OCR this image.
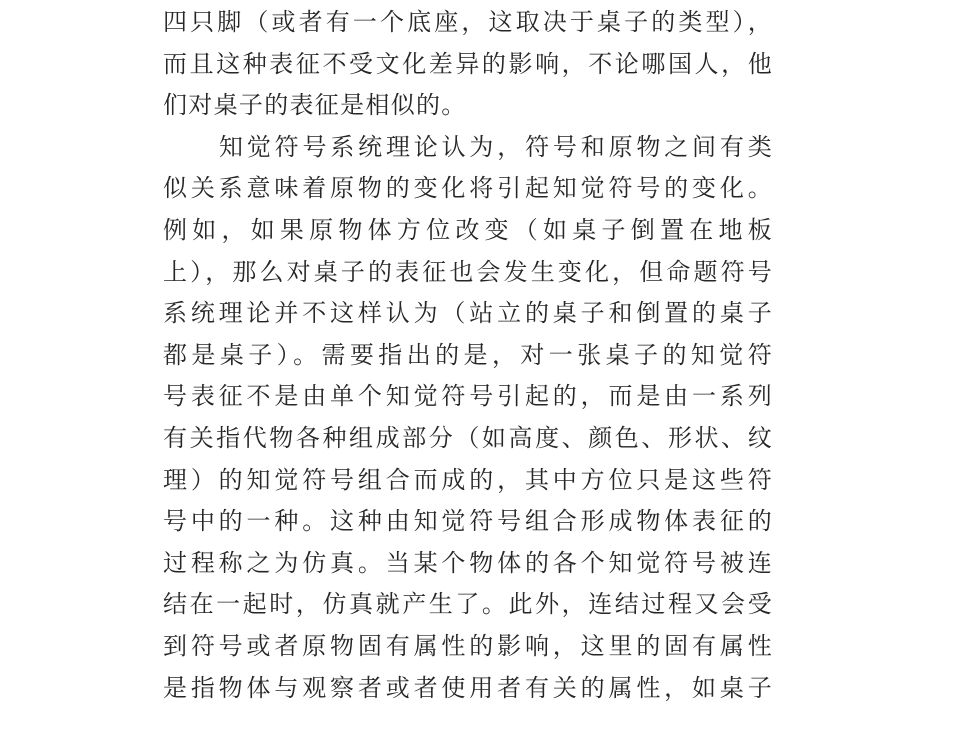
四只脚（或者有一个底座，这取决于桌子的类型），
而且这种表征不受文化差异的影响，不论哪国人，他
们对桌子的表征是相似的。
知觉符号系统理论认为，符号和原物之间有类
似关系意味着原物的变化将引起知觉符号的变化。
例如，如果原物体方位改变（如桌子倒置在地板
上），那么对桌子的表征也会发生变化，但命题符号
系统理论并不这样认为（站立的桌子和倒置的桌子
都是桌子）。需要指出的是，对一张桌子的知觉符
号表征不是由单个知觉符号引起的，而是由一系列
有关指代物各种组成部分（如高度、颜色、形状、纹
理）的知觉符号组合而成的，其中方位只是这些符
号中的一种。这种由知觉符号组合形成物体表征的
过程称之为仿真。当某个物体的各个知觉符号被连
结在一起时，仿真就产生了。此外，连结过程又会受
到符号或者原物固有属性的影响，这里的固有属性
是指物体与观察者或者使用者有关的属性，如桌子
